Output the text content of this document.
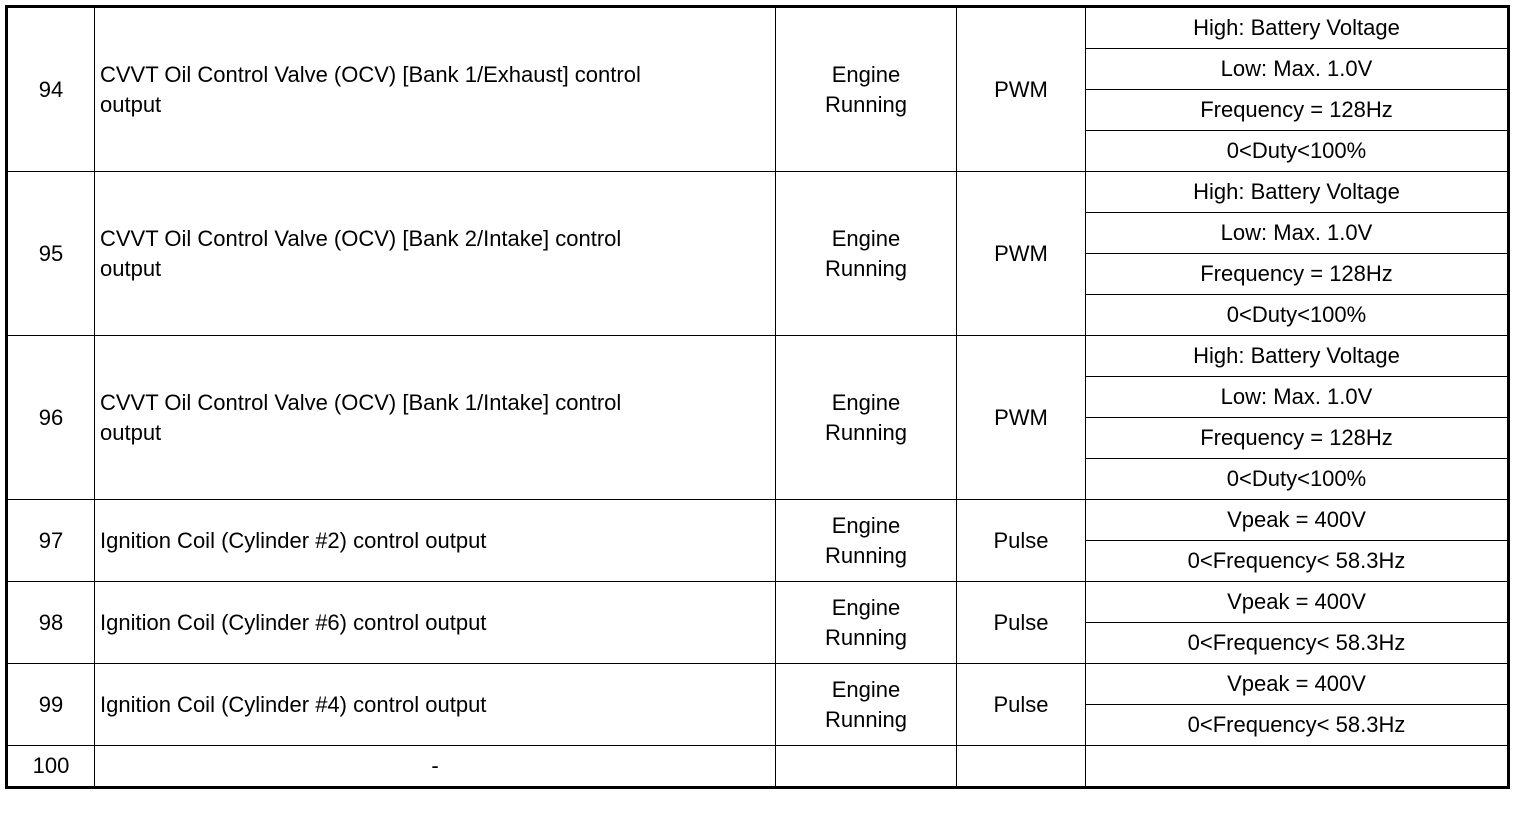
94	CVVT Oil Control Valve (OCV) [Bank 1/Exhaust] control
output	Engine
Running	PWM	High: Battery Voltage
				Low: Max. 1.0V
				Frequency = 128Hz
				0<Duty<100%
95	CVVT Oil Control Valve (OCV) [Bank 2/Intake] control
output	Engine
Running	PWM	High: Battery Voltage
				Low: Max. 1.0V
				Frequency = 128Hz
				0<Duty<100%
96	CVVT Oil Control Valve (OCV) [Bank 1/Intake] control
output	Engine
Running	PWM	High: Battery Voltage
				Low: Max. 1.0V
				Frequency = 128Hz
				0<Duty<100%
97	Ignition Coil (Cylinder #2) control output	Engine
Running	Pulse	Vpeak = 400V
				0<Frequency< 58.3Hz
98	Ignition Coil (Cylinder #6) control output	Engine
Running	Pulse	Vpeak = 400V
				0<Frequency< 58.3Hz
99	Ignition Coil (Cylinder #4) control output	Engine
Running	Pulse	Vpeak = 400V
				0<Frequency< 58.3Hz
100	-			
